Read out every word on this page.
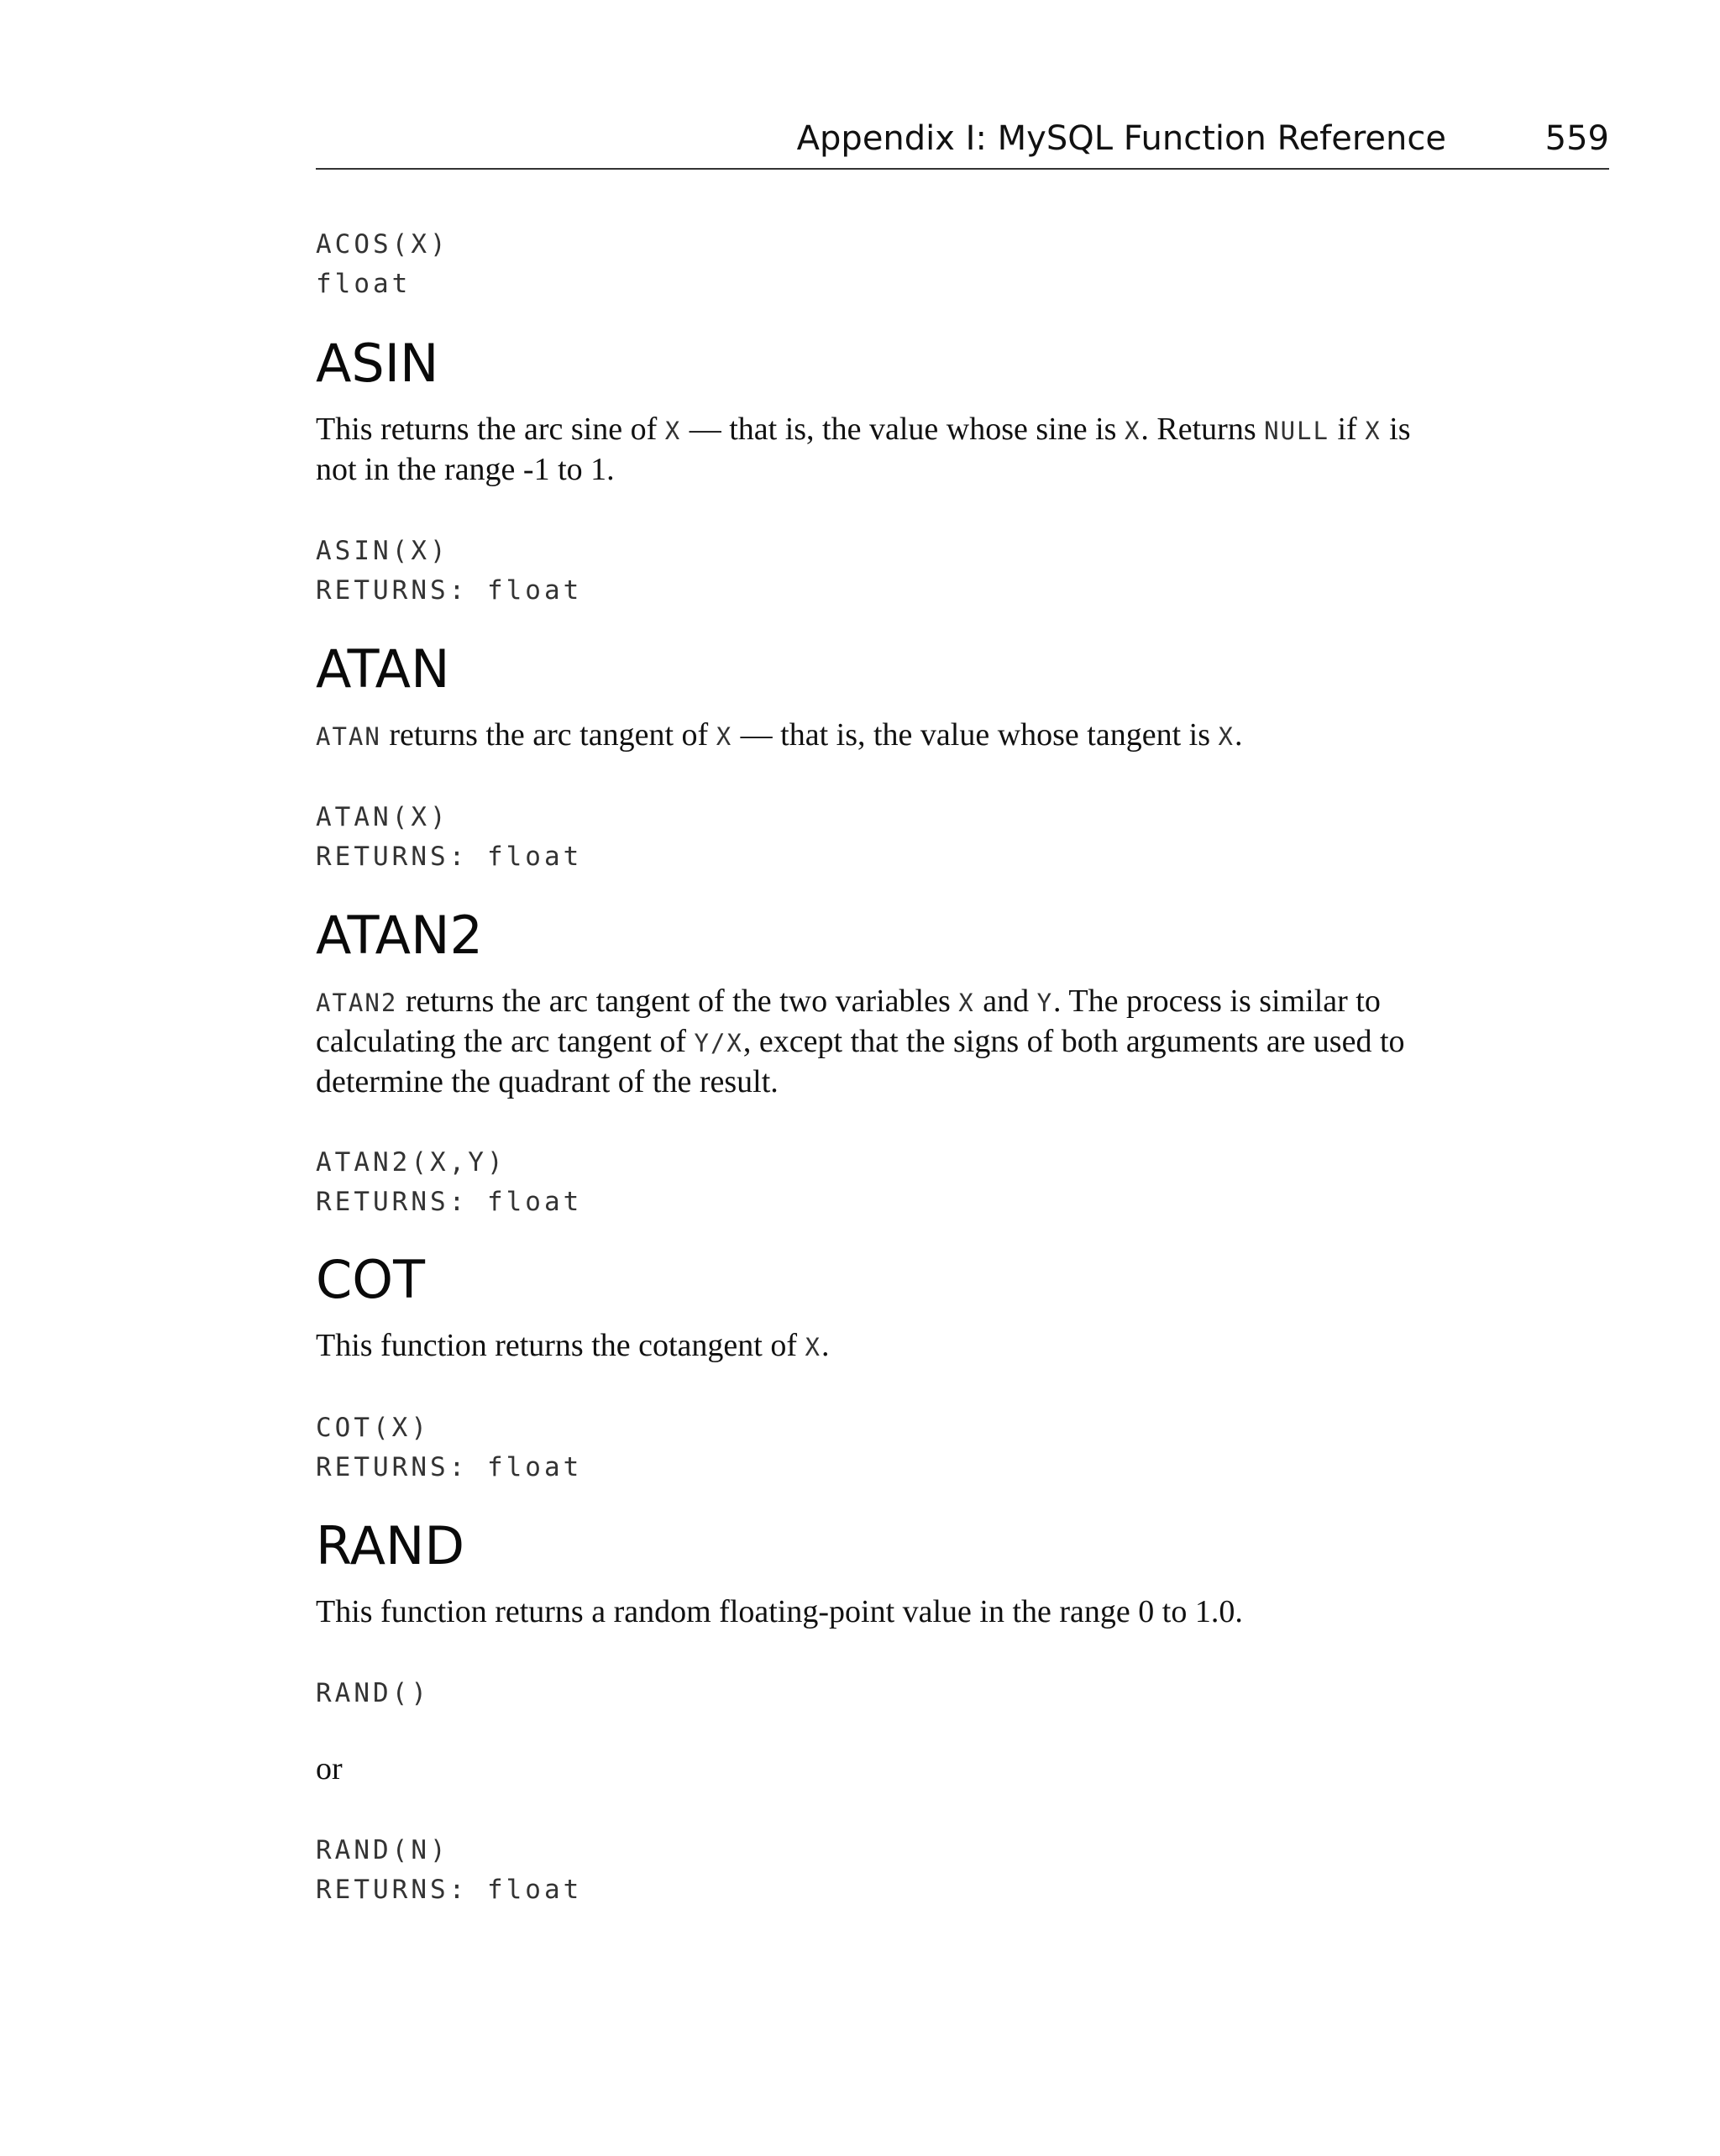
Appendix I: MySQL Function Reference	559
ACOS(X)
float
ASIN

This returns the arc sine of X — that is, the value whose sine is X. Returns NULL if X is not in the range -1 to 1.

ASIN(X)
RETURNS: float
ATAN

ATAN returns the arc tangent of X — that is, the value whose tangent is X.

ATAN(X)
RETURNS: float
ATAN2

ATAN2 returns the arc tangent of the two variables X and Y. The process is similar to calculating the arc tangent of Y/X, except that the signs of both arguments are used to determine the quadrant of the result.

ATAN2(X,Y)
RETURNS: float
COT

This function returns the cotangent of X.

COT(X)
RETURNS: float
RAND

This function returns a random floating-point value in the range 0 to 1.0.

RAND()

or

RAND(N)
RETURNS: float
